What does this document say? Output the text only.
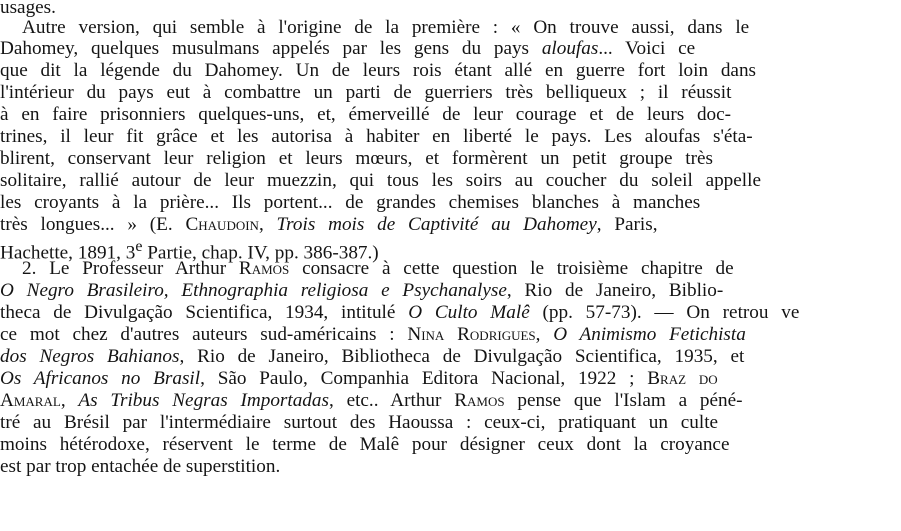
usages.
Autre version, qui semble à l'origine de la première : « On trouve aussi, dans le
Dahomey, quelques musulmans appelés par les gens du pays aloufas... Voici ce
que dit la légende du Dahomey. Un de leurs rois étant allé en guerre fort loin dans
l'intérieur du pays eut à combattre un parti de guerriers très belliqueux ; il réussit
à en faire prisonniers quelques-uns, et, émerveillé de leur courage et de leurs doc-
trines, il leur fit grâce et les autorisa à habiter en liberté le pays. Les aloufas s'éta-
blirent, conservant leur religion et leurs mœurs, et formèrent un petit groupe très
solitaire, rallié autour de leur muezzin, qui tous les soirs au coucher du soleil appelle
les croyants à la prière... Ils portent... de grandes chemises blanches à manches
très longues... » (E. Chaudoin, Trois mois de Captivité au Dahomey, Paris,
Hachette, 1891, 3e Partie, chap. IV, pp. 386-387.)
2. Le Professeur Arthur Ramos consacre à cette question le troisième chapitre de
O Negro Brasileiro, Ethnographia religiosa e Psychanalyse, Rio de Janeiro, Biblio-
theca de Divulgação Scientifica, 1934, intitulé O Culto Malê (pp. 57-73). — On retrou ve
ce mot chez d'autres auteurs sud-américains : Nina Rodrigues, O Animismo Fetichista
dos Negros Bahianos, Rio de Janeiro, Bibliotheca de Divulgação Scientifica, 1935, et
Os Africanos no Brasil, São Paulo, Companhia Editora Nacional, 1922 ; Braz do
Amaral, As Tribus Negras Importadas, etc.. Arthur Ramos pense que l'Islam a péné-
tré au Brésil par l'intermédiaire surtout des Haoussa : ceux-ci, pratiquant un culte
moins hétérodoxe, réservent le terme de Malê pour désigner ceux dont la croyance
est par trop entachée de superstition.
